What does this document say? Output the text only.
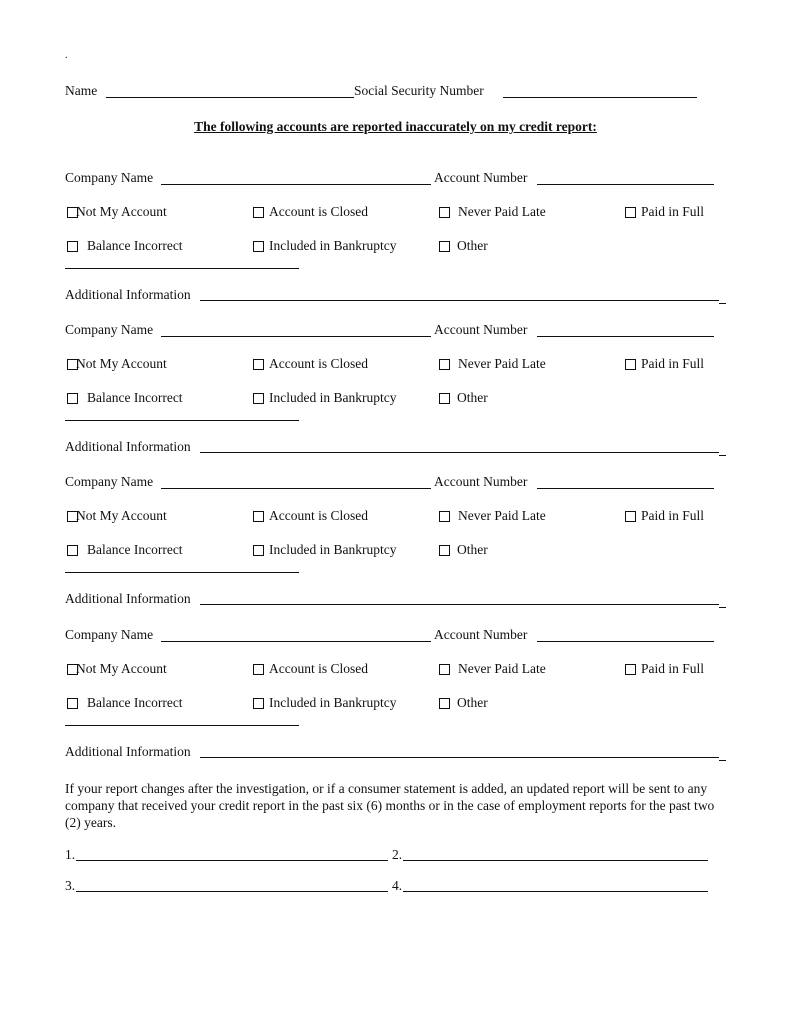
.
Name	Social Security Number
The following accounts are reported inaccurately on my credit report:
Company Name	Account Number
Not My Account	Account is Closed	Never Paid Late	Paid in Full
Balance Incorrect	Included in Bankruptcy	Other
Additional Information
Company Name	Account Number
Not My Account	Account is Closed	Never Paid Late	Paid in Full
Balance Incorrect	Included in Bankruptcy	Other
Additional Information
Company Name	Account Number
Not My Account	Account is Closed	Never Paid Late	Paid in Full
Balance Incorrect	Included in Bankruptcy	Other
Additional Information
Company Name	Account Number
Not My Account	Account is Closed	Never Paid Late	Paid in Full
Balance Incorrect	Included in Bankruptcy	Other
Additional Information
If your report changes after the investigation, or if a consumer statement is added, an updated report will be sent to any company that received your credit report in the past six (6) months or in the case of employment reports for the past two (2) years.
1.	2.
3.	4.
